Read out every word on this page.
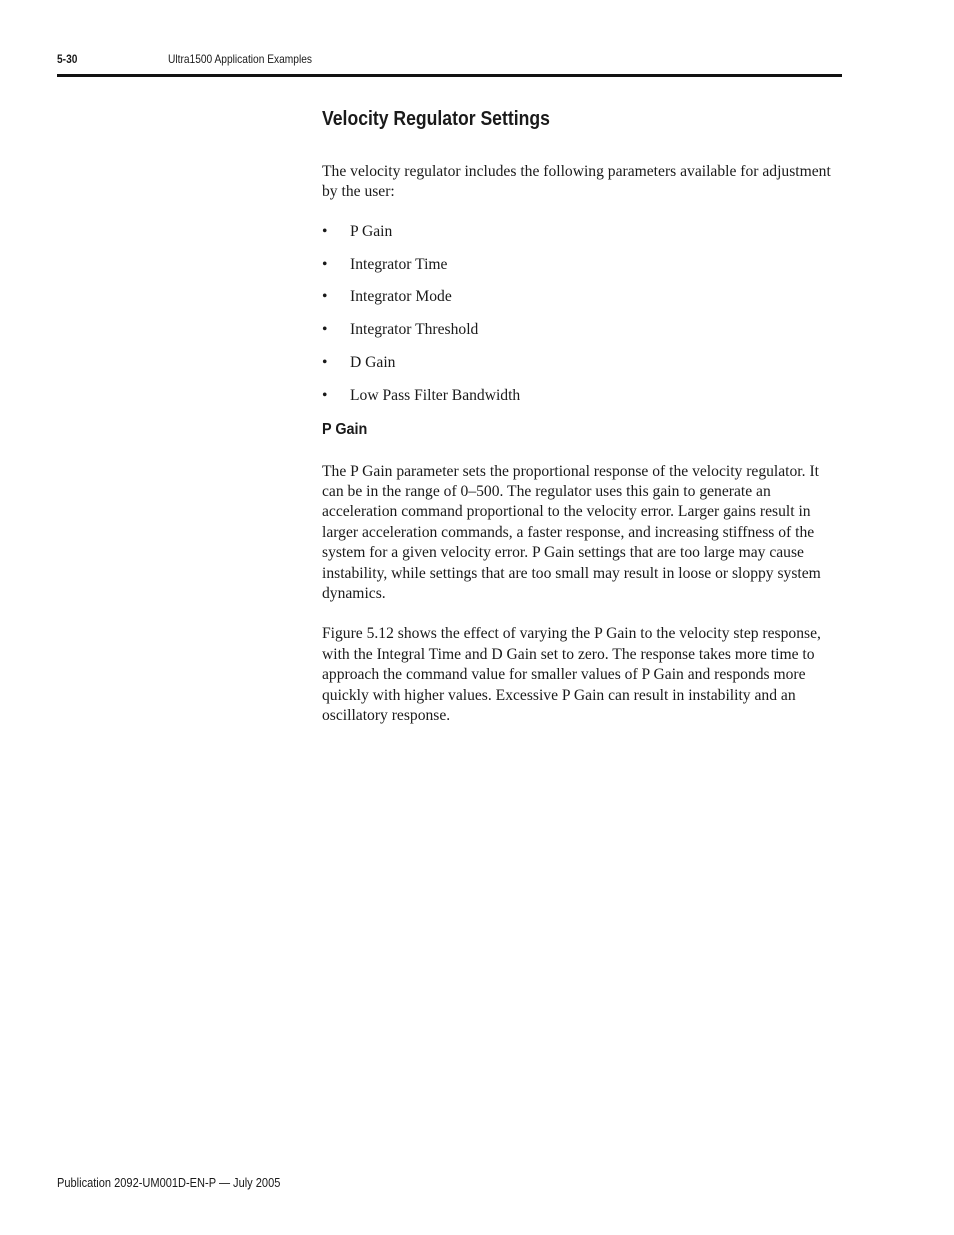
5-30	Ultra1500 Application Examples
Velocity Regulator Settings

The velocity regulator includes the following parameters available for adjustment by the user:

• P Gain
• Integrator Time
• Integrator Mode
• Integrator Threshold
• D Gain
• Low Pass Filter Bandwidth
P Gain

The P Gain parameter sets the proportional response of the velocity regulator. It can be in the range of 0–500. The regulator uses this gain to generate an acceleration command proportional to the velocity error. Larger gains result in larger acceleration commands, a faster response, and increasing stiffness of the system for a given velocity error. P Gain settings that are too large may cause instability, while settings that are too small may result in loose or sloppy system dynamics.

Figure 5.12 shows the effect of varying the P Gain to the velocity step response, with the Integral Time and D Gain set to zero. The response takes more time to approach the command value for smaller values of P Gain and responds more quickly with higher values. Excessive P Gain can result in instability and an oscillatory response.

Publication 2092-UM001D-EN-P — July 2005
